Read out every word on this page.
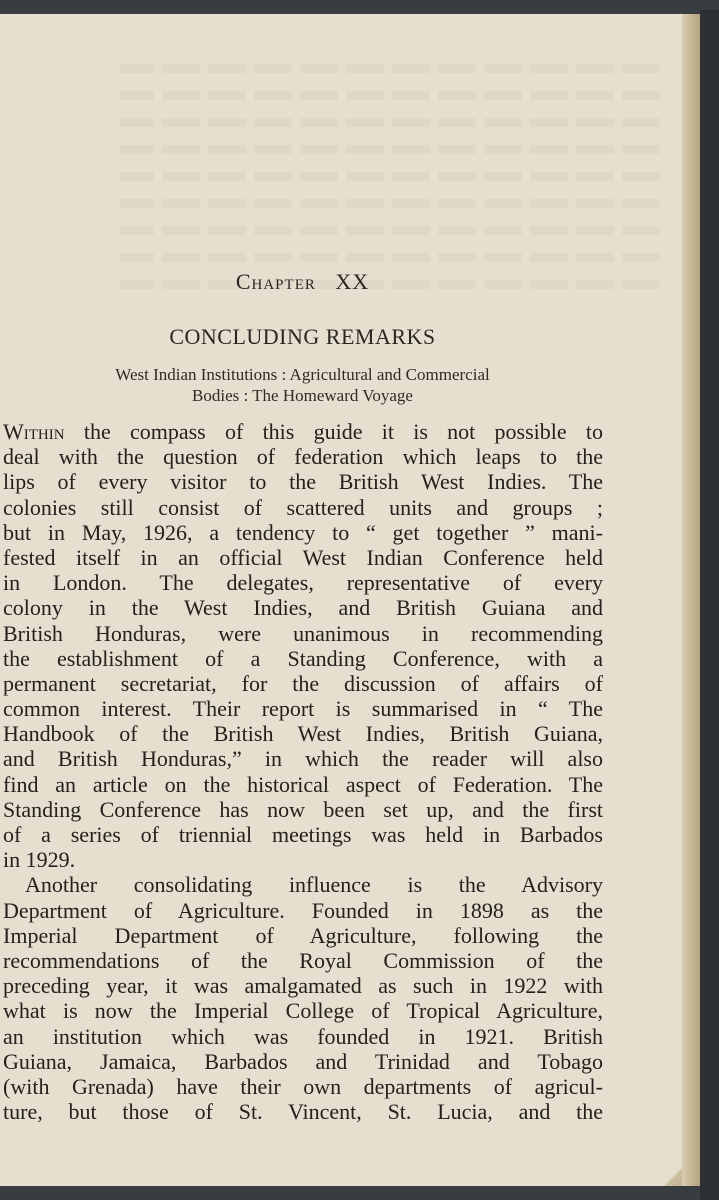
Chapter XX
CONCLUDING REMARKS
West Indian Institutions : Agricultural and Commercial
Bodies : The Homeward Voyage
Within the compass of this guide it is not possible to
deal with the question of federation which leaps to the
lips of every visitor to the British West Indies. The
colonies still consist of scattered units and groups ;
but in May, 1926, a tendency to “ get together ” mani-
fested itself in an official West Indian Conference held
in London. The delegates, representative of every
colony in the West Indies, and British Guiana and
British Honduras, were unanimous in recommending
the establishment of a Standing Conference, with a
permanent secretariat, for the discussion of affairs of
common interest. Their report is summarised in “ The
Handbook of the British West Indies, British Guiana,
and British Honduras,” in which the reader will also
find an article on the historical aspect of Federation. The
Standing Conference has now been set up, and the first
of a series of triennial meetings was held in Barbados
in 1929.
Another consolidating influence is the Advisory
Department of Agriculture. Founded in 1898 as the
Imperial Department of Agriculture, following the
recommendations of the Royal Commission of the
preceding year, it was amalgamated as such in 1922 with
what is now the Imperial College of Tropical Agriculture,
an institution which was founded in 1921. British
Guiana, Jamaica, Barbados and Trinidad and Tobago
(with Grenada) have their own departments of agricul-
ture, but those of St. Vincent, St. Lucia, and the
